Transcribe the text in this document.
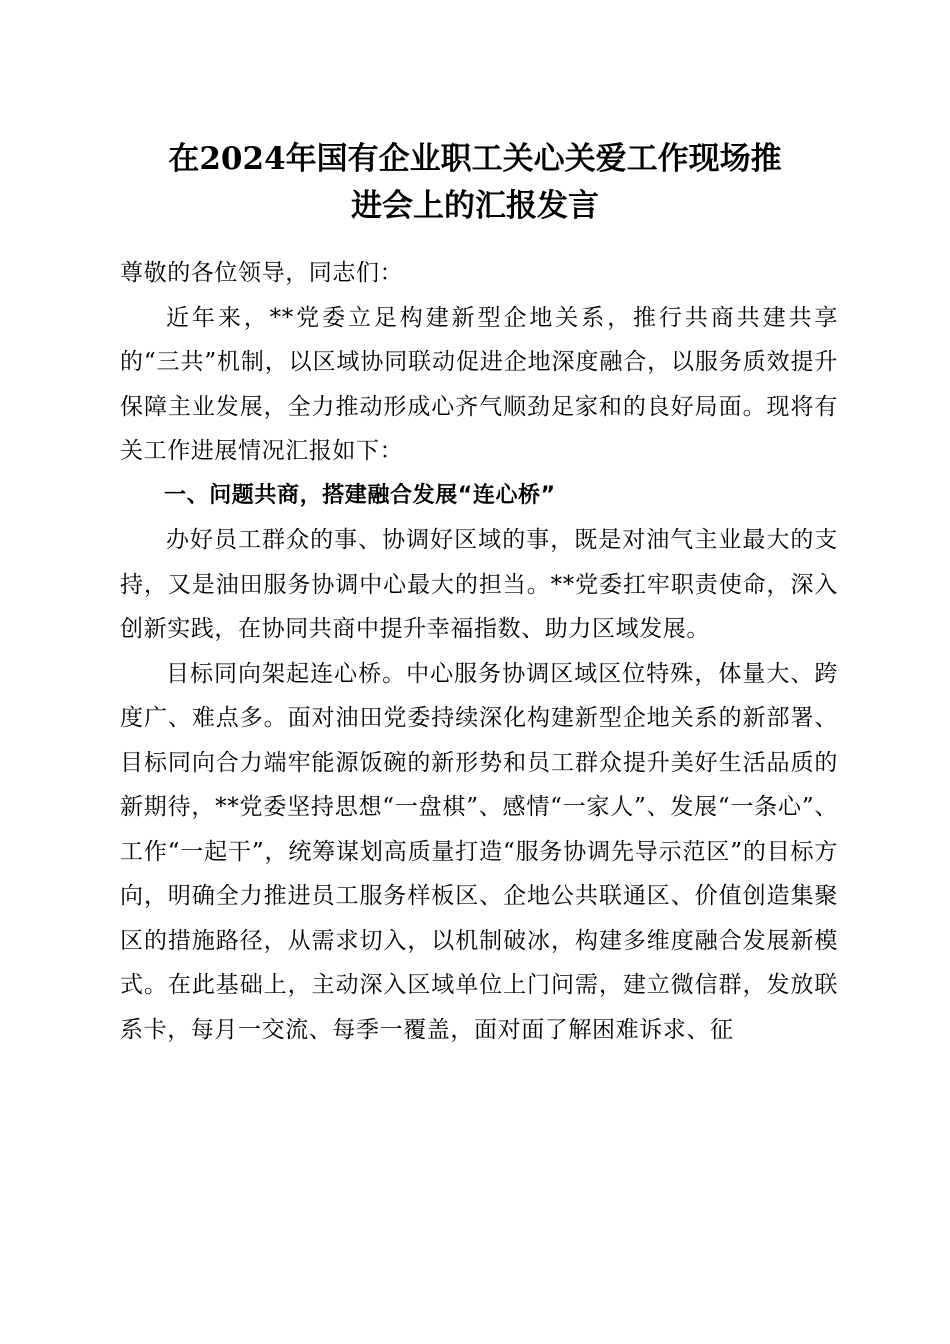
在2024年国有企业职工关心关爱工作现场推
进会上的汇报发言

尊敬的各位领导，同志们：

近年来，**党委立足构建新型企地关系，推行共商共建共享的“三共”机制，以区域协同联动促进企地深度融合，以服务质效提升保障主业发展，全力推动形成心齐气顺劲足家和的良好局面。现将有关工作进展情况汇报如下：

一、问题共商，搭建融合发展“连心桥”

办好员工群众的事、协调好区域的事，既是对油气主业最大的支持，又是油田服务协调中心最大的担当。**党委扛牢职责使命，深入创新实践，在协同共商中提升幸福指数、助力区域发展。

目标同向架起连心桥。中心服务协调区域区位特殊，体量大、跨度广、难点多。面对油田党委持续深化构建新型企地关系的新部署、目标同向合力端牢能源饭碗的新形势和员工群众提升美好生活品质的新期待，**党委坚持思想“一盘棋”、感情“一家人”、发展“一条心”、工作“一起干”，统筹谋划高质量打造“服务协调先导示范区”的目标方向，明确全力推进员工服务样板区、企地公共联通区、价值创造集聚区的措施路径，从需求切入，以机制破冰，构建多维度融合发展新模式。在此基础上，主动深入区域单位上门问需，建立微信群，发放联系卡，每月一交流、每季一覆盖，面对面了解困难诉求、征
